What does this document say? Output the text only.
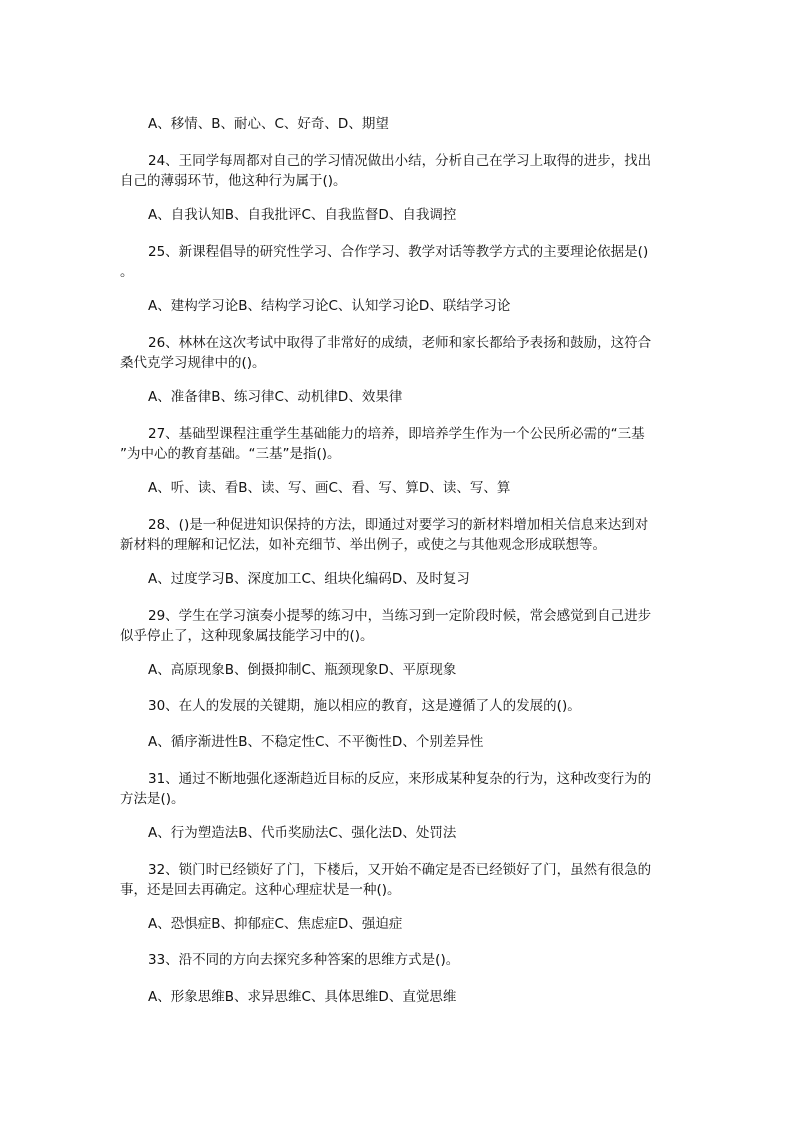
A、移情、B、耐心、C、好奇、D、期望
24、王同学每周都对自己的学习情况做出小结，分析自己在学习上取得的进步，找出
自己的薄弱环节，他这种行为属于()。
A、自我认知B、自我批评C、自我监督D、自我调控
25、新课程倡导的研究性学习、合作学习、教学对话等教学方式的主要理论依据是()
。
A、建构学习论B、结构学习论C、认知学习论D、联结学习论
26、林林在这次考试中取得了非常好的成绩，老师和家长都给予表扬和鼓励，这符合
桑代克学习规律中的()。
A、准备律B、练习律C、动机律D、效果律
27、基础型课程注重学生基础能力的培养，即培养学生作为一个公民所必需的“三基
”为中心的教育基础。“三基”是指()。
A、听、读、看B、读、写、画C、看、写、算D、读、写、算
28、()是一种促进知识保持的方法，即通过对要学习的新材料增加相关信息来达到对
新材料的理解和记忆法，如补充细节、举出例子，或使之与其他观念形成联想等。
A、过度学习B、深度加工C、组块化编码D、及时复习
29、学生在学习演奏小提琴的练习中，当练习到一定阶段时候，常会感觉到自己进步
似乎停止了，这种现象属技能学习中的()。
A、高原现象B、倒摄抑制C、瓶颈现象D、平原现象
30、在人的发展的关键期，施以相应的教育，这是遵循了人的发展的()。
A、循序渐进性B、不稳定性C、不平衡性D、个别差异性
31、通过不断地强化逐渐趋近目标的反应，来形成某种复杂的行为，这种改变行为的
方法是()。
A、行为塑造法B、代币奖励法C、强化法D、处罚法
32、锁门时已经锁好了门，下楼后，又开始不确定是否已经锁好了门，虽然有很急的
事，还是回去再确定。这种心理症状是一种()。
A、恐惧症B、抑郁症C、焦虑症D、强迫症
33、沿不同的方向去探究多种答案的思维方式是()。
A、形象思维B、求异思维C、具体思维D、直觉思维
